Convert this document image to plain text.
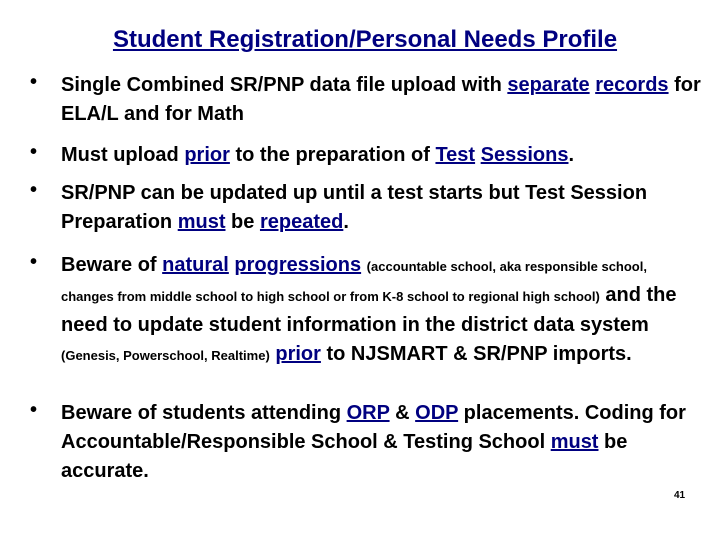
Student Registration/Personal Needs Profile
• Single Combined SR/PNP data file upload with separate records for ELA/L and for Math
• Must upload prior to the preparation of Test Sessions.
• SR/PNP can be updated up until a test starts but Test Session Preparation must be repeated.
• Beware of natural progressions (accountable school, aka responsible school, changes from middle school to high school or from K-8 school to regional high school) and the need to update student information in the district data system (Genesis, Powerschool, Realtime) prior to NJSMART & SR/PNP imports.
• Beware of students attending ORP & ODP placements. Coding for Accountable/Responsible School & Testing School must be accurate.
41
